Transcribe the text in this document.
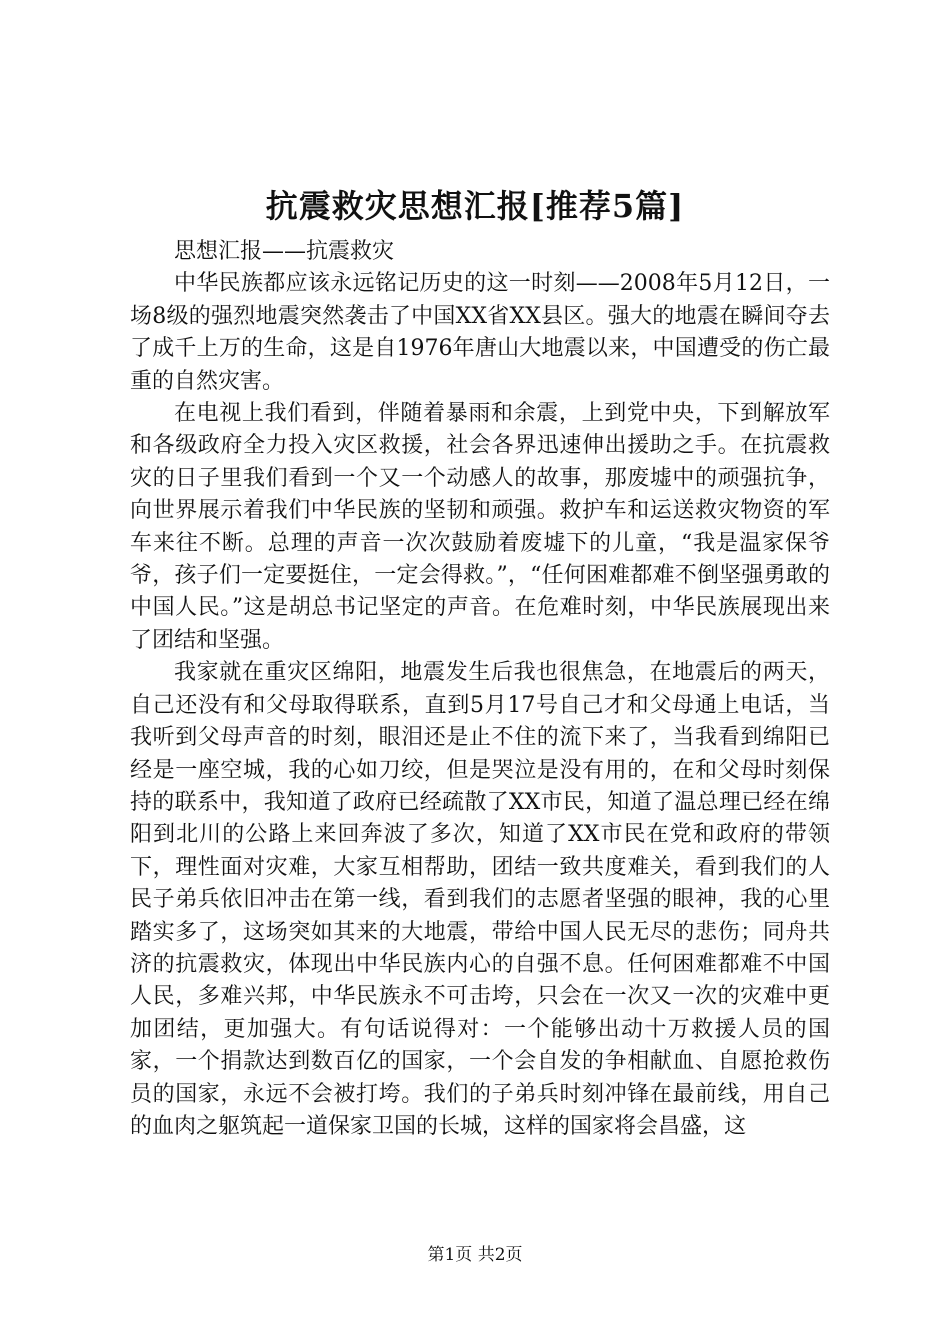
抗震救灾思想汇报[推荐5篇]

思想汇报——抗震救灾

中华民族都应该永远铭记历史的这一时刻——2008年5月12日，一场8级的强烈地震突然袭击了中国XX省XX县区。强大的地震在瞬间夺去了成千上万的生命，这是自1976年唐山大地震以来，中国遭受的伤亡最重的自然灾害。

在电视上我们看到，伴随着暴雨和余震，上到党中央，下到解放军和各级政府全力投入灾区救援，社会各界迅速伸出援助之手。在抗震救灾的日子里我们看到一个又一个动感人的故事，那废墟中的顽强抗争，向世界展示着我们中华民族的坚韧和顽强。救护车和运送救灾物资的军车来往不断。总理的声音一次次鼓励着废墟下的儿童，“我是温家保爷爷，孩子们一定要挺住，一定会得救。”，“任何困难都难不倒坚强勇敢的中国人民。”这是胡总书记坚定的声音。在危难时刻，中华民族展现出来了团结和坚强。

我家就在重灾区绵阳，地震发生后我也很焦急，在地震后的两天，自己还没有和父母取得联系，直到5月17号自己才和父母通上电话，当我听到父母声音的时刻，眼泪还是止不住的流下来了，当我看到绵阳已经是一座空城，我的心如刀绞，但是哭泣是没有用的，在和父母时刻保持的联系中，我知道了政府已经疏散了XX市民，知道了温总理已经在绵阳到北川的公路上来回奔波了多次，知道了XX市民在党和政府的带领下，理性面对灾难，大家互相帮助，团结一致共度难关，看到我们的人民子弟兵依旧冲击在第一线，看到我们的志愿者坚强的眼神，我的心里踏实多了，这场突如其来的大地震，带给中国人民无尽的悲伤；同舟共济的抗震救灾，体现出中华民族内心的自强不息。任何困难都难不中国人民，多难兴邦，中华民族永不可击垮，只会在一次又一次的灾难中更加团结，更加强大。有句话说得对：一个能够出动十万救援人员的国家，一个捐款达到数百亿的国家，一个会自发的争相献血、自愿抢救伤员的国家，永远不会被打垮。我们的子弟兵时刻冲锋在最前线，用自己的血肉之躯筑起一道保家卫国的长城，这样的国家将会昌盛，这

第1页 共2页
